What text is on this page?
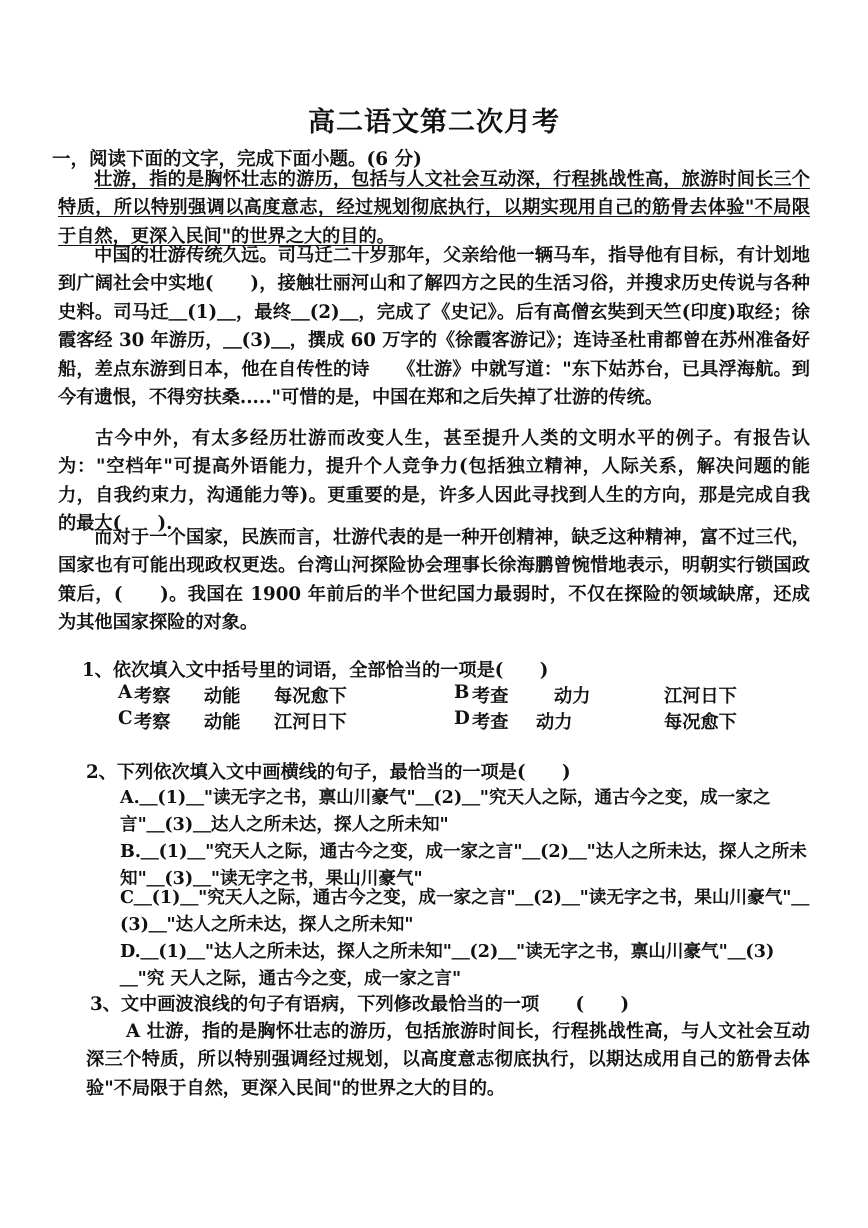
高二语文第二次月考
一，阅读下面的文字，完成下面小题。(6 分)

壮游，指的是胸怀壮志的游历，包括与人文社会互动深，行程挑战性高，旅游时间长三个特质，所以特别强调以高度意志，经过规划彻底执行，以期实现用自己的筋骨去体验"不局限于自然，更深入民间"的世界之大的目的。

中国的壮游传统久远。司马迁二十岁那年，父亲给他一辆马车，指导他有目标，有计划地到广阔社会中实地(　　)，接触壮丽河山和了解四方之民的生活习俗，并搜求历史传说与各种史料。司马迁＿(1)＿，最终＿(2)＿，完成了《史记》。后有高僧玄奘到天竺(印度)取经；徐霞客经 30 年游历，＿(3)＿，撰成 60 万字的《徐霞客游记》；连诗圣杜甫都曾在苏州准备好船，差点东游到日本，他在自传性的诗　　《壮游》中就写道："东下姑苏台，已具浮海航。到今有遗恨，不得穷扶桑....."可惜的是，中国在郑和之后失掉了壮游的传统。

古今中外，有太多经历壮游而改变人生，甚至提升人类的文明水平的例子。有报告认为："空档年"可提高外语能力，提升个人竞争力(包括独立精神，人际关系，解决问题的能力，自我约束力，沟通能力等)。更重要的是，许多人因此寻找到人生的方向，那是完成自我的最大(　　).

而对于一个国家，民族而言，壮游代表的是一种开创精神，缺乏这种精神，富不过三代，国家也有可能出现政权更迭。台湾山河探险协会理事长徐海鹏曾惋惜地表示，明朝实行锁国政策后，(　　)。我国在 1900 年前后的半个世纪国力最弱时，不仅在探险的领域缺席，还成为其他国家探险的对象。

1、依次填入文中括号里的词语，全部恰当的一项是(　　)
A 考察 动能 每况愈下	B 考查	动力	江河日下
C 考察 动能 江河日下	D 考查 动力	每况愈下
2、下列依次填入文中画横线的句子，最恰当的一项是(　　)

A.＿(1)＿"读无字之书，禀山川豪气"＿(2)＿"究天人之际，通古今之变，成一家之言"＿(3)＿达人之所未达，探人之所未知"

B.＿(1)＿"究天人之际，通古今之变，成一家之言"＿(2)＿"达人之所未达，探人之所未知"＿(3)＿"读无字之书，果山川豪气"

C＿(1)＿"究天人之际，通古今之变，成一家之言"＿(2)＿"读无字之书，果山川豪气"＿(3)＿"达人之所未达，探人之所未知"

D.＿(1)＿"达人之所未达，探人之所未知"＿(2)＿"读无字之书，禀山川豪气"＿(3)＿"究 天人之际，通古今之变，成一家之言"

3、文中画波浪线的句子有语病，下列修改最恰当的一项　　(　　)

A 壮游，指的是胸怀壮志的游历，包括旅游时间长，行程挑战性高，与人文社会互动深三个特质，所以特别强调经过规划，以高度意志彻底执行，以期达成用自己的筋骨去体验"不局限于自然，更深入民间"的世界之大的目的。
